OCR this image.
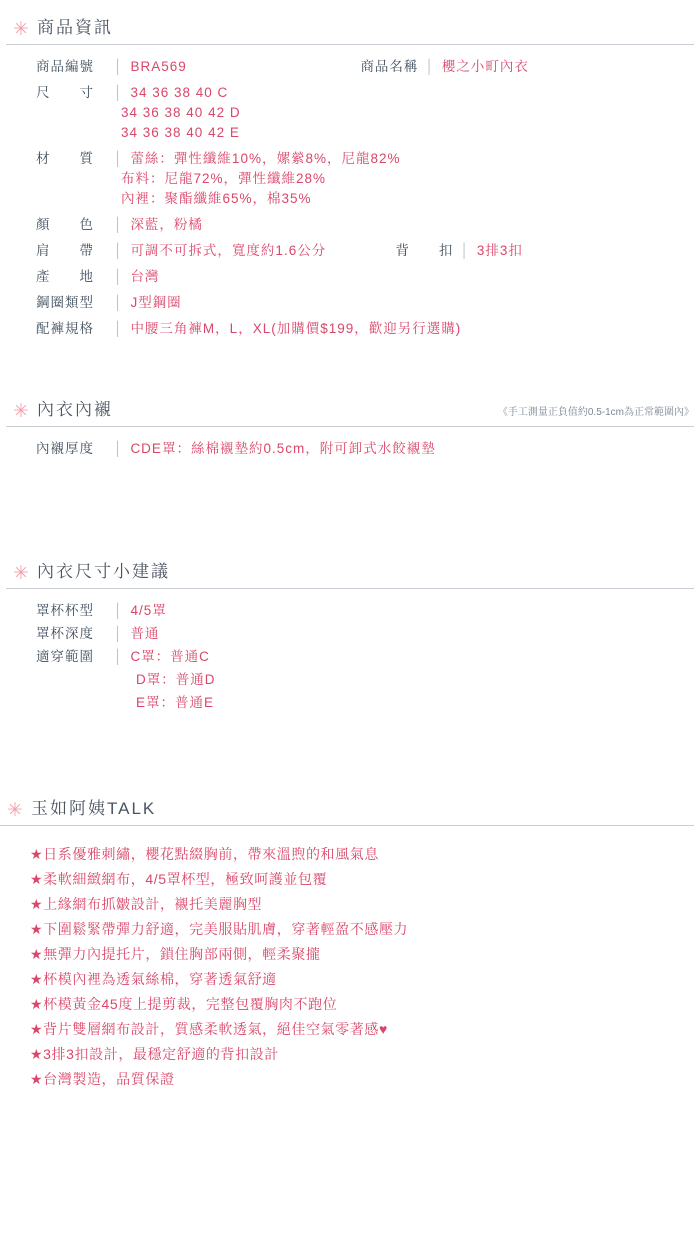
✳ 商品資訊
商品編號	│ BRA569	商品名稱 │ 櫻之小町內衣
尺　　寸	│ 34 36 38 40 C
34 36 38 40 42 D
34 36 38 40 42 E
材　　質	│ 蕾絲：彈性纖維10%，嫘縈8%，尼龍82%
布料：尼龍72%，彈性纖維28%
內裡：聚酯纖維65%，棉35%
顏　　色	│ 深藍，粉橘
肩　　帶	│ 可調不可拆式，寬度約1.6公分	背　　扣 │ 3排3扣
產　　地	│ 台灣
鋼圈類型	│ J型鋼圈
配褲規格	│ 中腰三角褲M，L，XL(加購價$199，歡迎另行選購)
✳ 內衣內襯	《手工測量正負值約0.5-1cm為正常範圍內》
內襯厚度	│ CDE罩：絲棉襯墊約0.5cm，附可卸式水餃襯墊
✳ 內衣尺寸小建議
罩杯杯型	│ 4/5罩
罩杯深度	│ 普通
適穿範圍	│ C罩：普通C
D罩：普通D
E罩：普通E
✳ 玉如阿姨TALK
★日系優雅刺繡，櫻花點綴胸前，帶來溫煦的和風氣息
★柔軟細緻網布，4/5罩杯型，極致呵護並包覆
★上緣網布抓皺設計，襯托美麗胸型
★下圍鬆緊帶彈力舒適，完美服貼肌膚，穿著輕盈不感壓力
★無彈力內提托片，鎖住胸部兩側，輕柔聚攏
★杯模內裡為透氣絲棉，穿著透氣舒適
★杯模黃金45度上提剪裁，完整包覆胸肉不跑位
★背片雙層網布設計，質感柔軟透氣，絕佳空氣零著感♥
★3排3扣設計，最穩定舒適的背扣設計
★台灣製造，品質保證
